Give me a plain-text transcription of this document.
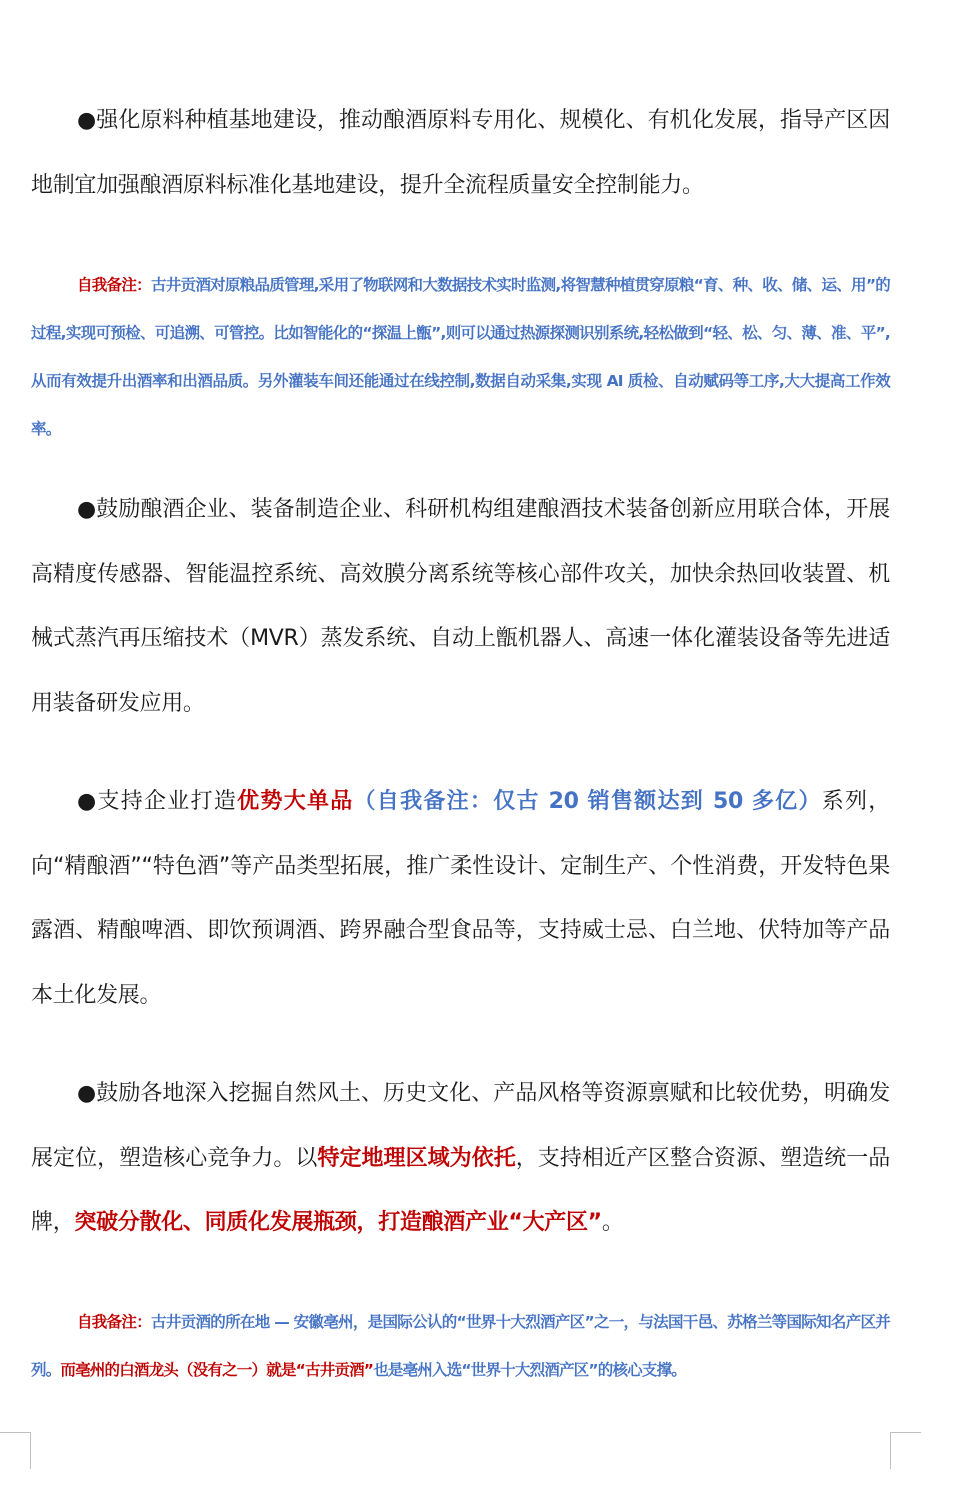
●强化原料种植基地建设，推动酿酒原料专用化、规模化、有机化发展，指导产区因地制宜加强酿酒原料标准化基地建设，提升全流程质量安全控制能力。
自我备注：古井贡酒对原粮品质管理,采用了物联网和大数据技术实时监测,将智慧种植贯穿原粮“育、种、收、储、运、用”的过程,实现可预检、可追溯、可管控。比如智能化的“探温上甑”,则可以通过热源探测识别系统,轻松做到“轻、松、匀、薄、准、平”,从而有效提升出酒率和出酒品质。另外灌装车间还能通过在线控制,数据自动采集,实现 AI 质检、自动赋码等工序,大大提高工作效率。
●鼓励酿酒企业、装备制造企业、科研机构组建酿酒技术装备创新应用联合体，开展高精度传感器、智能温控系统、高效膜分离系统等核心部件攻关，加快余热回收装置、机械式蒸汽再压缩技术（MVR）蒸发系统、自动上甑机器人、高速一体化灌装设备等先进适用装备研发应用。
●支持企业打造优势大单品（自我备注：仅古 20 销售额达到 50 多亿）系列，向“精酿酒”“特色酒”等产品类型拓展，推广柔性设计、定制生产、个性消费，开发特色果露酒、精酿啤酒、即饮预调酒、跨界融合型食品等，支持威士忌、白兰地、伏特加等产品本土化发展。
●鼓励各地深入挖掘自然风土、历史文化、产品风格等资源禀赋和比较优势，明确发展定位，塑造核心竞争力。以特定地理区域为依托，支持相近产区整合资源、塑造统一品牌，突破分散化、同质化发展瓶颈，打造酿酒产业“大产区”。
自我备注：古井贡酒的所在地 — 安徽亳州，是国际公认的“世界十大烈酒产区”之一，与法国干邑、苏格兰等国际知名产区并列。而亳州的白酒龙头（没有之一）就是“古井贡酒”也是亳州入选“世界十大烈酒产区”的核心支撑。
